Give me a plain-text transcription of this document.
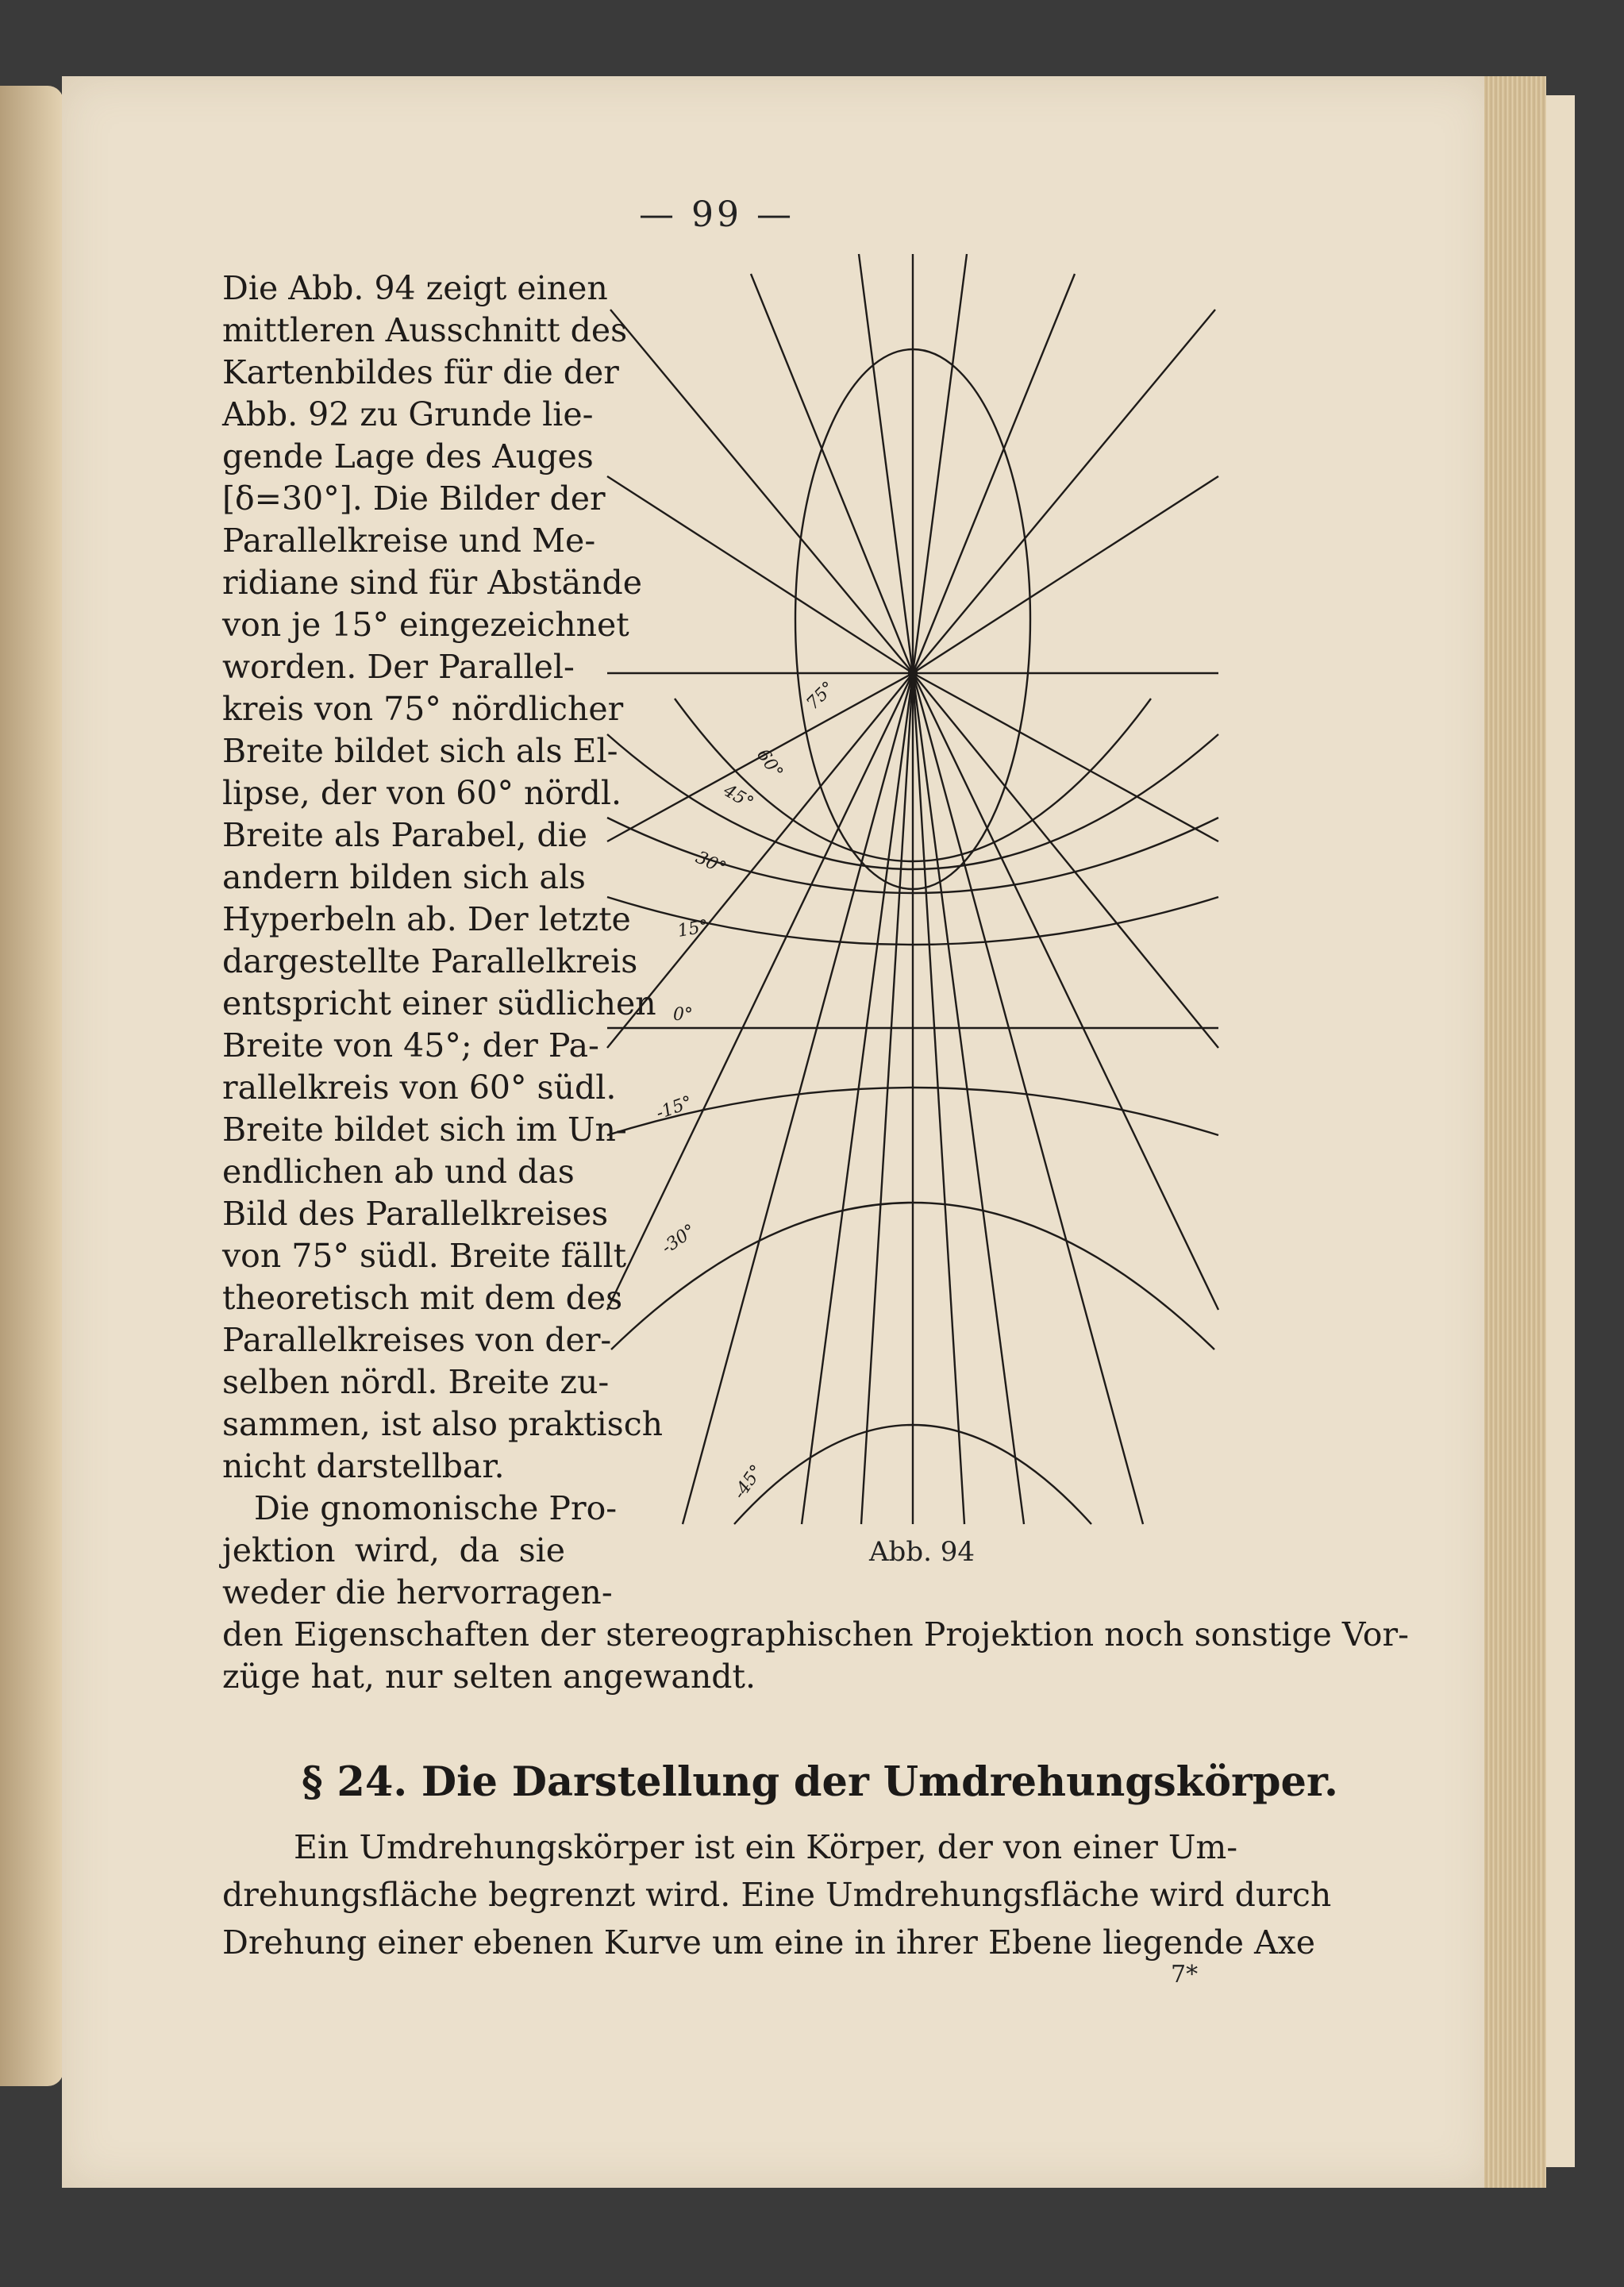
— 99 —
Die Abb. 94 zeigt einen
mittleren Ausschnitt des
Kartenbildes für die der
Abb. 92 zu Grunde lie-
gende Lage des Auges
[δ=30°]. Die Bilder der
Parallelkreise und Me-
ridiane sind für Abstände
von je 15° eingezeichnet
worden. Der Parallel-
kreis von 75° nördlicher
Breite bildet sich als El-
lipse, der von 60° nördl.
Breite als Parabel, die
andern bilden sich als
Hyperbeln ab. Der letzte
dargestellte Parallelkreis
entspricht einer südlichen
Breite von 45°; der Pa-
rallelkreis von 60° südl.
Breite bildet sich im Un-
endlichen ab und das
Bild des Parallelkreises
von 75° südl. Breite fällt
theoretisch mit dem des
Parallelkreises von der-
selben nördl. Breite zu-
sammen, ist also praktisch
nicht darstellbar.
Die gnomonische Pro-
jektion wird, da sie
weder die hervorragen-
den Eigenschaften der stereographischen Projektion noch sonstige Vor-
züge hat, nur selten angewandt.
§ 24. Die Darstellung der Umdrehungskörper.
Ein Umdrehungskörper ist ein Körper, der von einer Um-
drehungsfläche begrenzt wird. Eine Umdrehungsfläche wird durch
Drehung einer ebenen Kurve um eine in ihrer Ebene liegende Axe
7*
Abb. 94
75°
60°
45°
30°
15°
0°
-15°
-30°
-45°
